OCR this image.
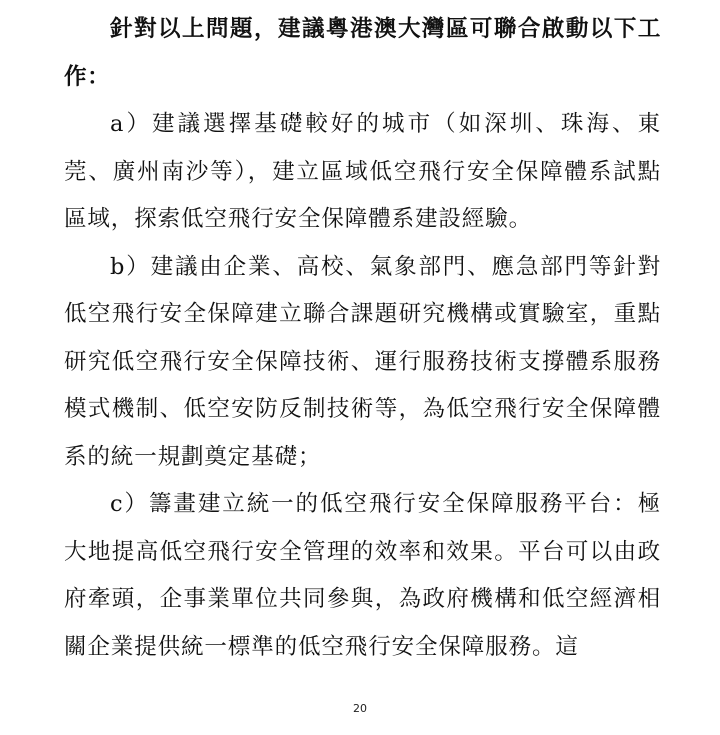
針對以上問題，建議粵港澳大灣區可聯合啟動以下工作：

a）建議選擇基礎較好的城市（如深圳、珠海、東莞、廣州南沙等），建立區域低空飛行安全保障體系試點區域，探索低空飛行安全保障體系建設經驗。

b）建議由企業、高校、氣象部門、應急部門等針對低空飛行安全保障建立聯合課題研究機構或實驗室，重點研究低空飛行安全保障技術、運行服務技術支撐體系服務模式機制、低空安防反制技術等，為低空飛行安全保障體系的統一規劃奠定基礎；

c）籌畫建立統一的低空飛行安全保障服務平台：極大地提高低空飛行安全管理的效率和效果。平台可以由政府牽頭，企事業單位共同參與，為政府機構和低空經濟相關企業提供統一標準的低空飛行安全保障服務。這

20
